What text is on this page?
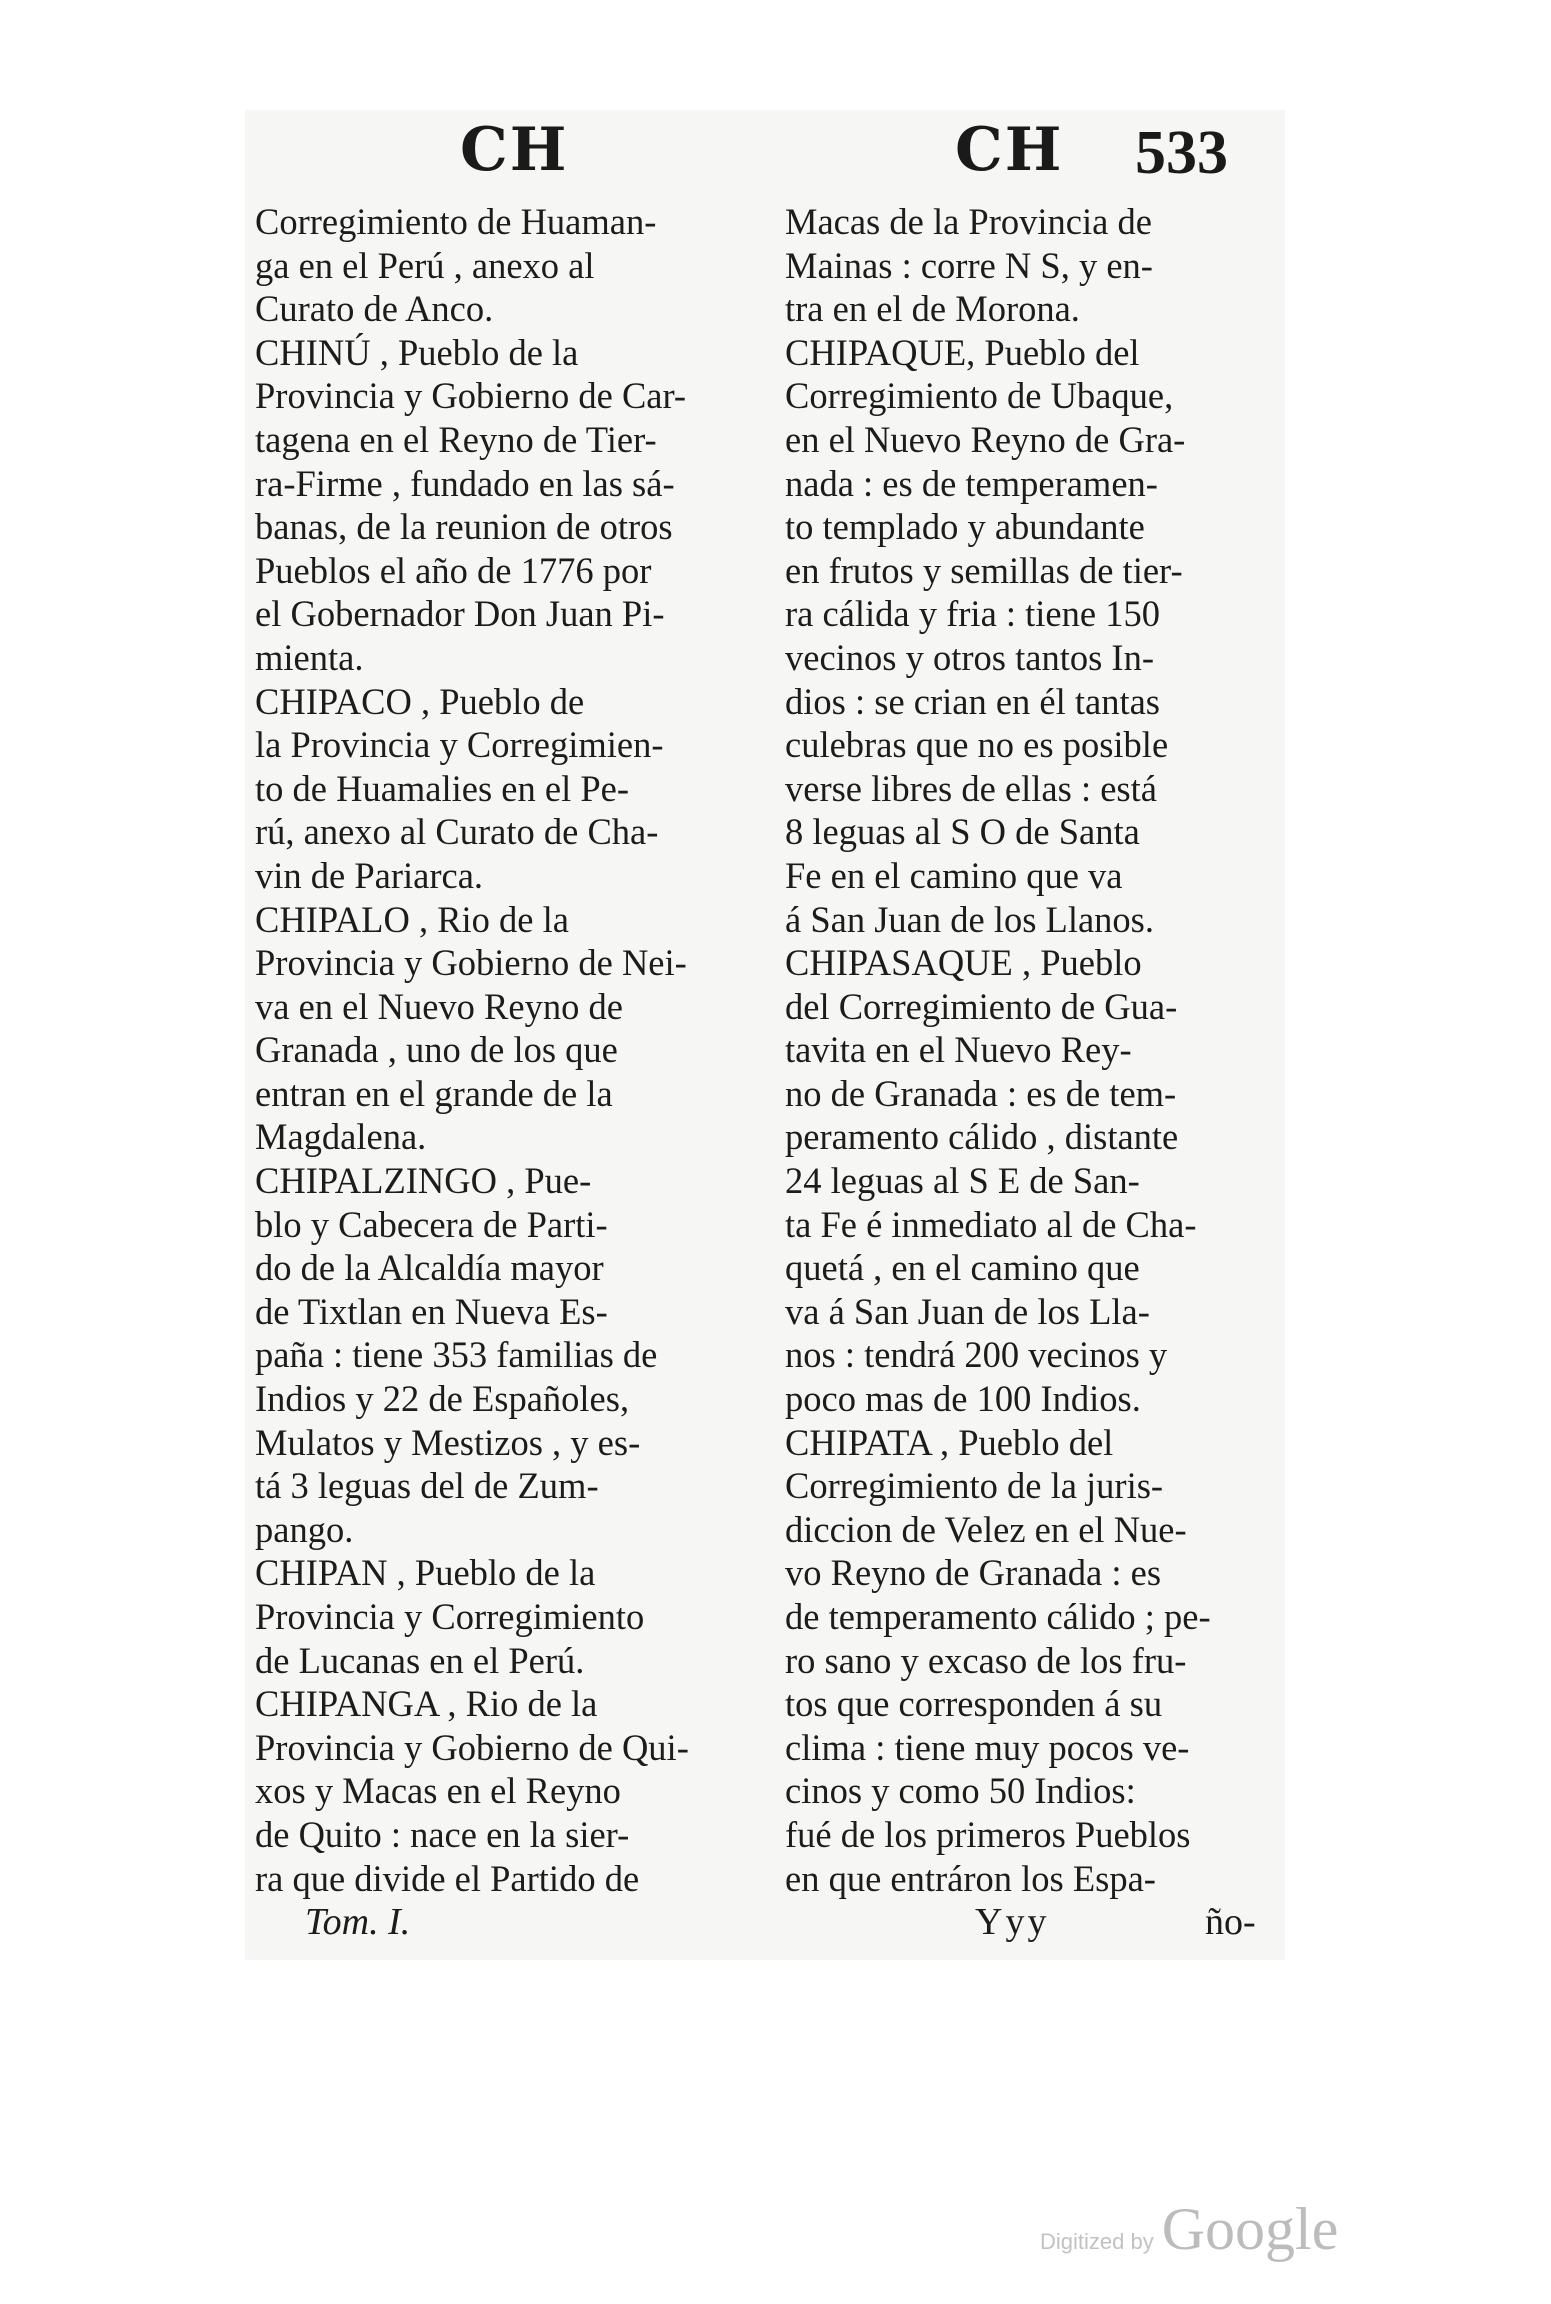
CH	CH 533
Corregimiento de Huaman-
ga en el Perú , anexo al
Curato de Anco.
CHINÚ , Pueblo de la
Provincia y Gobierno de Car-
tagena en el Reyno de Tier-
ra-Firme , fundado en las sá-
banas, de la reunion de otros
Pueblos el año de 1776 por
el Gobernador Don Juan Pi-
mienta.
CHIPACO , Pueblo de
la Provincia y Corregimien-
to de Huamalies en el Pe-
rú, anexo al Curato de Cha-
vin de Pariarca.
CHIPALO , Rio de la
Provincia y Gobierno de Nei-
va en el Nuevo Reyno de
Granada , uno de los que
entran en el grande de la
Magdalena.
CHIPALZINGO , Pue-
blo y Cabecera de Parti-
do de la Alcaldía mayor
de Tixtlan en Nueva Es-
paña : tiene 353 familias de
Indios y 22 de Españoles,
Mulatos y Mestizos , y es-
tá 3 leguas del de Zum-
pango.
CHIPAN , Pueblo de la
Provincia y Corregimiento
de Lucanas en el Perú.
CHIPANGA , Rio de la
Provincia y Gobierno de Qui-
xos y Macas en el Reyno
de Quito : nace en la sier-
ra que divide el Partido de
Macas de la Provincia de
Mainas : corre N S, y en-
tra en el de Morona.
CHIPAQUE, Pueblo del
Corregimiento de Ubaque,
en el Nuevo Reyno de Gra-
nada : es de temperamen-
to templado y abundante
en frutos y semillas de tier-
ra cálida y fria : tiene 150
vecinos y otros tantos In-
dios : se crian en él tantas
culebras que no es posible
verse libres de ellas : está
8 leguas al S O de Santa
Fe en el camino que va
á San Juan de los Llanos.
CHIPASAQUE , Pueblo
del Corregimiento de Gua-
tavita en el Nuevo Rey-
no de Granada : es de tem-
peramento cálido , distante
24 leguas al S E de San-
ta Fe é inmediato al de Cha-
quetá , en el camino que
va á San Juan de los Lla-
nos : tendrá 200 vecinos y
poco mas de 100 Indios.
CHIPATA , Pueblo del
Corregimiento de la juris-
diccion de Velez en el Nue-
vo Reyno de Granada : es
de temperamento cálido ; pe-
ro sano y excaso de los fru-
tos que corresponden á su
clima : tiene muy pocos ve-
cinos y como 50 Indios:
fué de los primeros Pueblos
en que entráron los Espa-
Tom. I.	Yyy	ño-
Digitized by Google
